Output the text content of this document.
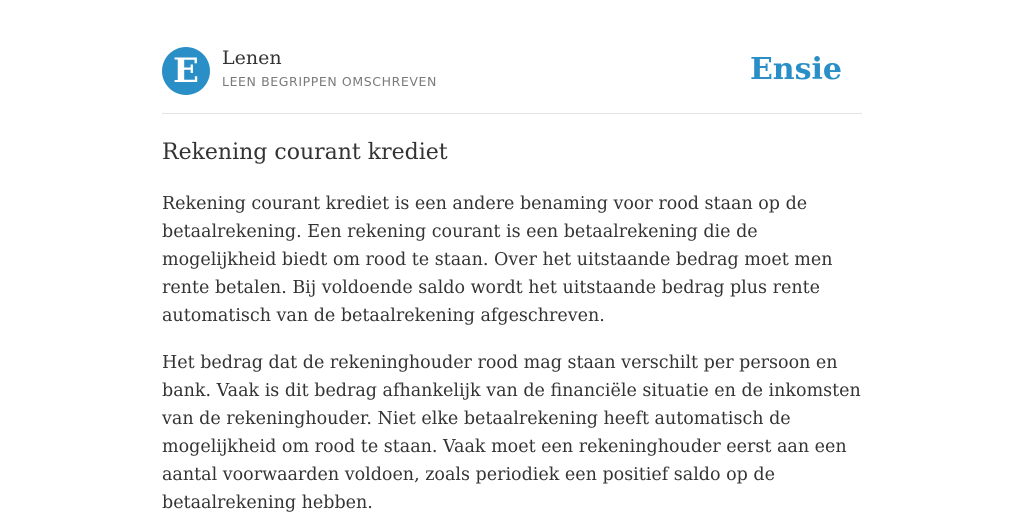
E	Lenen
LEEN BEGRIPPEN OMSCHREVEN	Ensie
Rekening courant krediet

Rekening courant krediet is een andere benaming voor rood staan op de betaalrekening. Een rekening courant is een betaalrekening die de mogelijkheid biedt om rood te staan. Over het uitstaande bedrag moet men rente betalen. Bij voldoende saldo wordt het uitstaande bedrag plus rente automatisch van de betaalrekening afgeschreven.

Het bedrag dat de rekeninghouder rood mag staan verschilt per persoon en bank. Vaak is dit bedrag afhankelijk van de financiële situatie en de inkomsten van de rekeninghouder. Niet elke betaalrekening heeft automatisch de mogelijkheid om rood te staan. Vaak moet een rekeninghouder eerst aan een aantal voorwaarden voldoen, zoals periodiek een positief saldo op de betaalrekening hebben.
